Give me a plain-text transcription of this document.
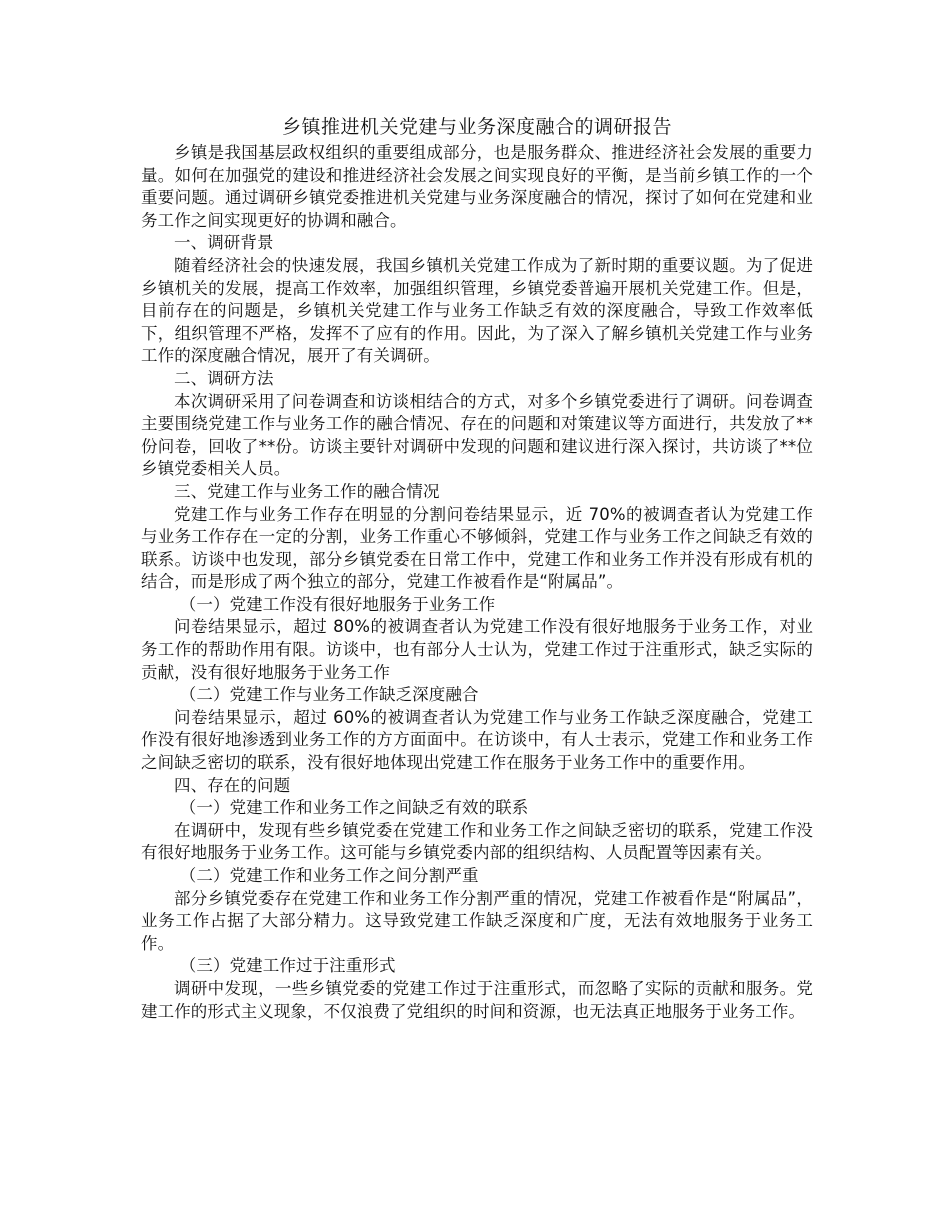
乡镇推进机关党建与业务深度融合的调研报告
乡镇是我国基层政权组织的重要组成部分，也是服务群众、推进经济社会发展的重要力量。如何在加强党的建设和推进经济社会发展之间实现良好的平衡，是当前乡镇工作的一个重要问题。通过调研乡镇党委推进机关党建与业务深度融合的情况，探讨了如何在党建和业务工作之间实现更好的协调和融合。
一、调研背景
随着经济社会的快速发展，我国乡镇机关党建工作成为了新时期的重要议题。为了促进乡镇机关的发展，提高工作效率，加强组织管理，乡镇党委普遍开展机关党建工作。但是，目前存在的问题是，乡镇机关党建工作与业务工作缺乏有效的深度融合，导致工作效率低下，组织管理不严格，发挥不了应有的作用。因此，为了深入了解乡镇机关党建工作与业务工作的深度融合情况，展开了有关调研。
二、调研方法
本次调研采用了问卷调查和访谈相结合的方式，对多个乡镇党委进行了调研。问卷调查主要围绕党建工作与业务工作的融合情况、存在的问题和对策建议等方面进行，共发放了**份问卷，回收了**份。访谈主要针对调研中发现的问题和建议进行深入探讨，共访谈了**位乡镇党委相关人员。
三、党建工作与业务工作的融合情况
党建工作与业务工作存在明显的分割问卷结果显示，近 70%的被调查者认为党建工作与业务工作存在一定的分割，业务工作重心不够倾斜，党建工作与业务工作之间缺乏有效的联系。访谈中也发现，部分乡镇党委在日常工作中，党建工作和业务工作并没有形成有机的结合，而是形成了两个独立的部分，党建工作被看作是“附属品”。
（一）党建工作没有很好地服务于业务工作
问卷结果显示，超过 80%的被调查者认为党建工作没有很好地服务于业务工作，对业务工作的帮助作用有限。访谈中，也有部分人士认为，党建工作过于注重形式，缺乏实际的贡献，没有很好地服务于业务工作
（二）党建工作与业务工作缺乏深度融合
问卷结果显示，超过 60%的被调查者认为党建工作与业务工作缺乏深度融合，党建工作没有很好地渗透到业务工作的方方面面中。在访谈中，有人士表示，党建工作和业务工作之间缺乏密切的联系，没有很好地体现出党建工作在服务于业务工作中的重要作用。
四、存在的问题
（一）党建工作和业务工作之间缺乏有效的联系
在调研中，发现有些乡镇党委在党建工作和业务工作之间缺乏密切的联系，党建工作没有很好地服务于业务工作。这可能与乡镇党委内部的组织结构、人员配置等因素有关。
（二）党建工作和业务工作之间分割严重
部分乡镇党委存在党建工作和业务工作分割严重的情况，党建工作被看作是“附属品”，业务工作占据了大部分精力。这导致党建工作缺乏深度和广度，无法有效地服务于业务工作。
（三）党建工作过于注重形式
调研中发现，一些乡镇党委的党建工作过于注重形式，而忽略了实际的贡献和服务。党建工作的形式主义现象，不仅浪费了党组织的时间和资源，也无法真正地服务于业务工作。
